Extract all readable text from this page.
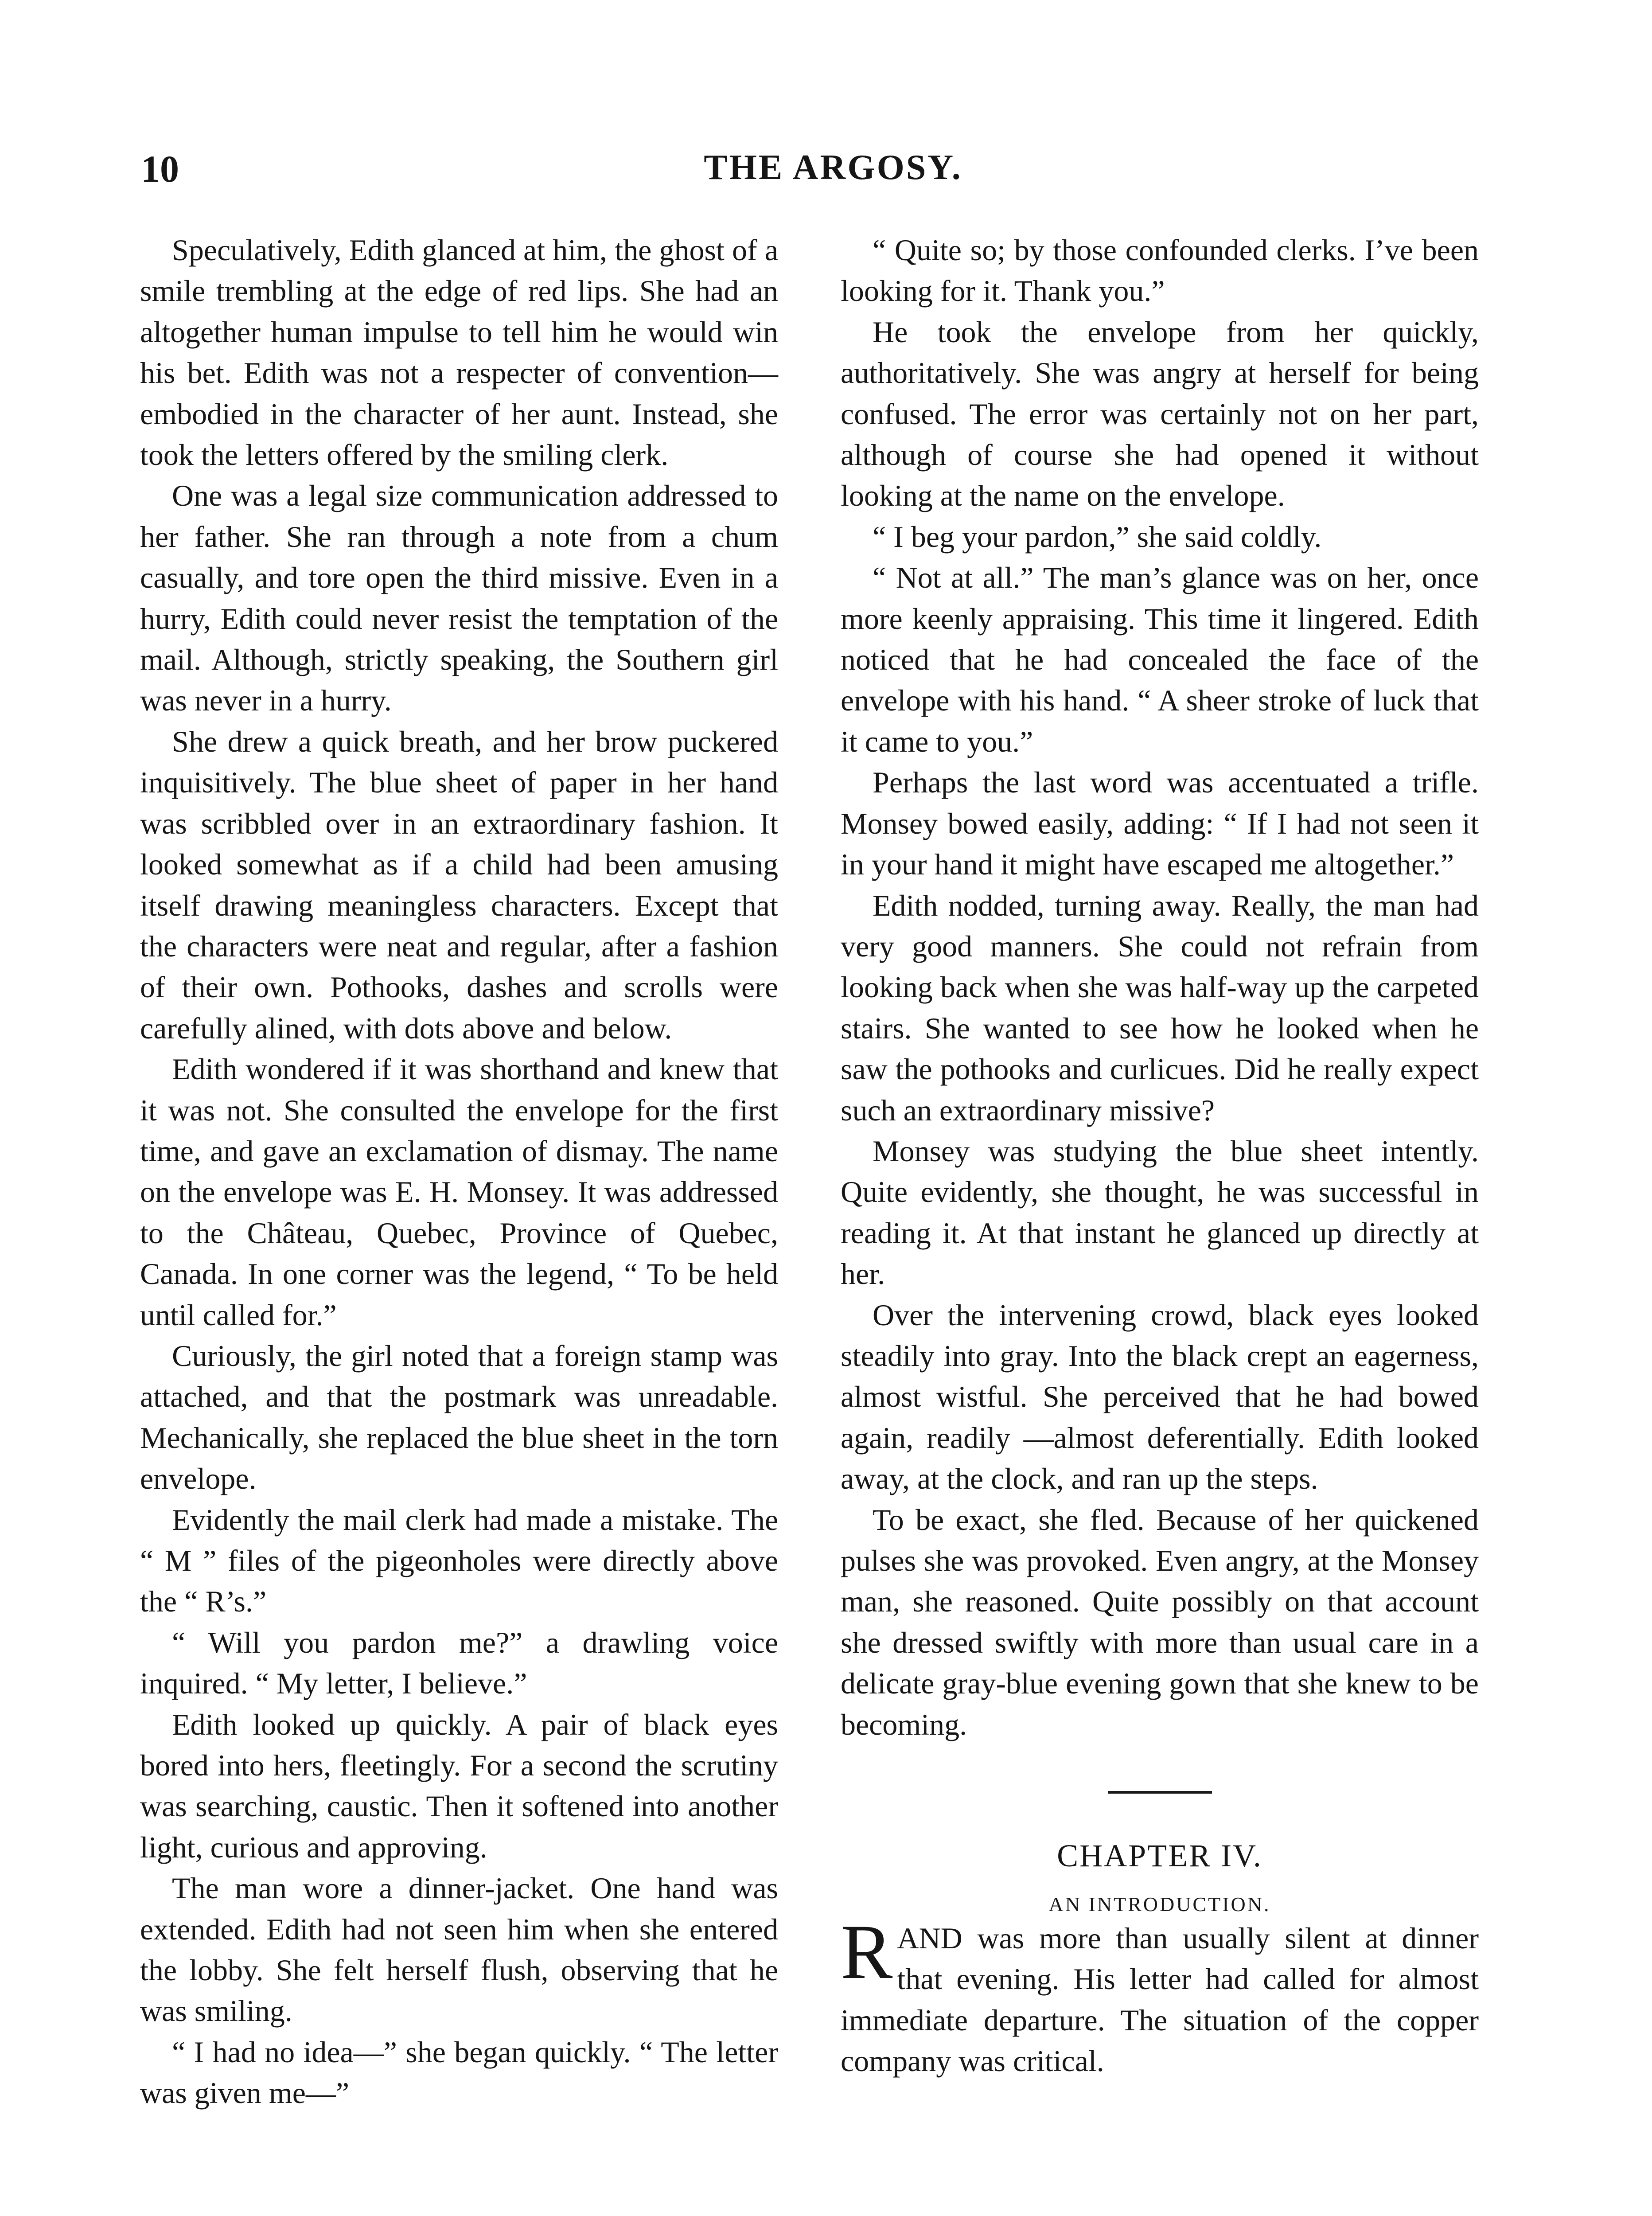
10	THE ARGOSY.

Speculatively, Edith glanced at him, the ghost of a smile trembling at the edge of red lips. She had an altogether human impulse to tell him he would win his bet. Edith was not a respecter of convention—embodied in the character of her aunt. Instead, she took the letters offered by the smiling clerk.

One was a legal size communication addressed to her father. She ran through a note from a chum casually, and tore open the third missive. Even in a hurry, Edith could never resist the temptation of the mail. Although, strictly speaking, the Southern girl was never in a hurry.

She drew a quick breath, and her brow puckered inquisitively. The blue sheet of paper in her hand was scribbled over in an extraordinary fashion. It looked somewhat as if a child had been amusing itself drawing meaningless characters. Except that the characters were neat and regular, after a fashion of their own. Pothooks, dashes and scrolls were carefully alined, with dots above and below.

Edith wondered if it was shorthand and knew that it was not. She consulted the envelope for the first time, and gave an exclamation of dismay. The name on the envelope was E. H. Monsey. It was addressed to the Château, Quebec, Province of Quebec, Canada. In one corner was the legend, “ To be held until called for.”

Curiously, the girl noted that a foreign stamp was attached, and that the postmark was unreadable. Mechanically, she replaced the blue sheet in the torn envelope.

Evidently the mail clerk had made a mistake. The “ M ” files of the pigeonholes were directly above the “ R’s.”

“ Will you pardon me?” a drawling voice inquired. “ My letter, I believe.”

Edith looked up quickly. A pair of black eyes bored into hers, fleetingly. For a second the scrutiny was searching, caustic. Then it softened into another light, curious and approving.

The man wore a dinner-jacket. One hand was extended. Edith had not seen him when she entered the lobby. She felt herself flush, observing that he was smiling.

“ I had no idea—” she began quickly. “ The letter was given me—”

“ Quite so; by those confounded clerks. I’ve been looking for it. Thank you.”

He took the envelope from her quickly, authoritatively. She was angry at herself for being confused. The error was certainly not on her part, although of course she had opened it without looking at the name on the envelope.

“ I beg your pardon,” she said coldly.

“ Not at all.” The man’s glance was on her, once more keenly appraising. This time it lingered. Edith noticed that he had concealed the face of the envelope with his hand. “ A sheer stroke of luck that it came to you.”

Perhaps the last word was accentuated a trifle. Monsey bowed easily, adding: “ If I had not seen it in your hand it might have escaped me altogether.”

Edith nodded, turning away. Really, the man had very good manners. She could not refrain from looking back when she was half-way up the carpeted stairs. She wanted to see how he looked when he saw the pothooks and curlicues. Did he really expect such an extraordinary missive?

Monsey was studying the blue sheet intently. Quite evidently, she thought, he was successful in reading it. At that instant he glanced up directly at her.

Over the intervening crowd, black eyes looked steadily into gray. Into the black crept an eagerness, almost wistful. She perceived that he had bowed again, readily —almost deferentially. Edith looked away, at the clock, and ran up the steps.

To be exact, she fled. Because of her quickened pulses she was provoked. Even angry, at the Monsey man, she reasoned. Quite possibly on that account she dressed swiftly with more than usual care in a delicate gray-blue evening gown that she knew to be becoming.

CHAPTER IV.
AN INTRODUCTION.

RAND was more than usually silent at dinner that evening. His letter had called for almost immediate departure. The situation of the copper company was critical.
